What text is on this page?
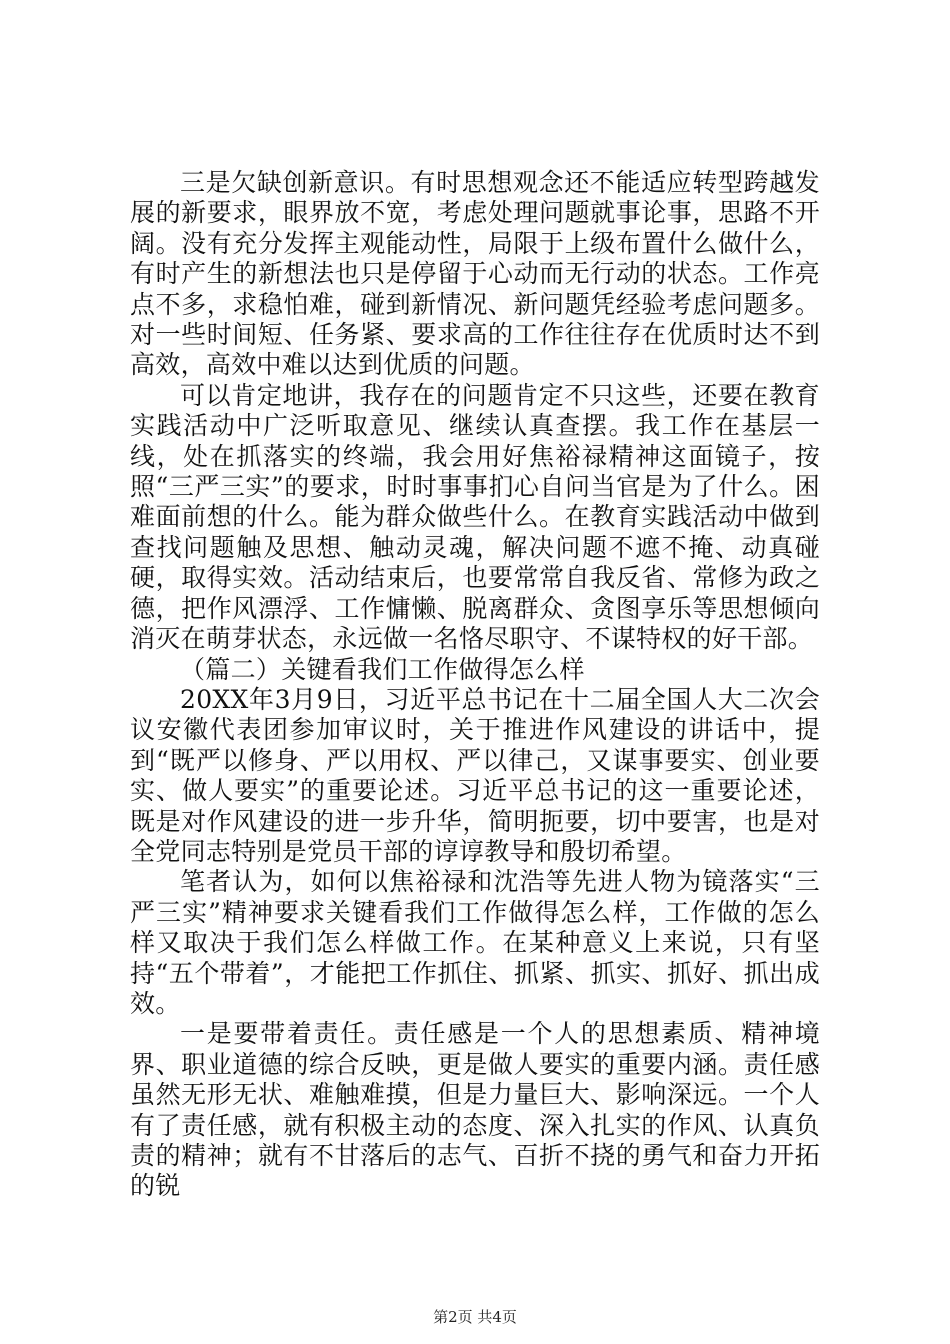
三是欠缺创新意识。有时思想观念还不能适应转型跨越发展的新要求，眼界放不宽，考虑处理问题就事论事，思路不开阔。没有充分发挥主观能动性，局限于上级布置什么做什么，有时产生的新想法也只是停留于心动而无行动的状态。工作亮点不多，求稳怕难，碰到新情况、新问题凭经验考虑问题多。对一些时间短、任务紧、要求高的工作往往存在优质时达不到高效，高效中难以达到优质的问题。

可以肯定地讲，我存在的问题肯定不只这些，还要在教育实践活动中广泛听取意见、继续认真查摆。我工作在基层一线，处在抓落实的终端，我会用好焦裕禄精神这面镜子，按照“三严三实”的要求，时时事事扪心自问当官是为了什么。困难面前想的什么。能为群众做些什么。在教育实践活动中做到查找问题触及思想、触动灵魂，解决问题不遮不掩、动真碰硬，取得实效。活动结束后，也要常常自我反省、常修为政之德，把作风漂浮、工作慵懒、脱离群众、贪图享乐等思想倾向消灭在萌芽状态，永远做一名恪尽职守、不谋特权的好干部。

（篇二）关键看我们工作做得怎么样

20XX年3月9日，习近平总书记在十二届全国人大二次会议安徽代表团参加审议时，关于推进作风建设的讲话中，提到“既严以修身、严以用权、严以律己，又谋事要实、创业要实、做人要实”的重要论述。习近平总书记的这一重要论述，既是对作风建设的进一步升华，简明扼要，切中要害，也是对全党同志特别是党员干部的谆谆教导和殷切希望。

笔者认为，如何以焦裕禄和沈浩等先进人物为镜落实“三严三实”精神要求关键看我们工作做得怎么样，工作做的怎么样又取决于我们怎么样做工作。在某种意义上来说，只有坚持“五个带着”，才能把工作抓住、抓紧、抓实、抓好、抓出成效。

一是要带着责任。责任感是一个人的思想素质、精神境界、职业道德的综合反映，更是做人要实的重要内涵。责任感虽然无形无状、难触难摸，但是力量巨大、影响深远。一个人有了责任感，就有积极主动的态度、深入扎实的作风、认真负责的精神；就有不甘落后的志气、百折不挠的勇气和奋力开拓的锐

第2页 共4页
